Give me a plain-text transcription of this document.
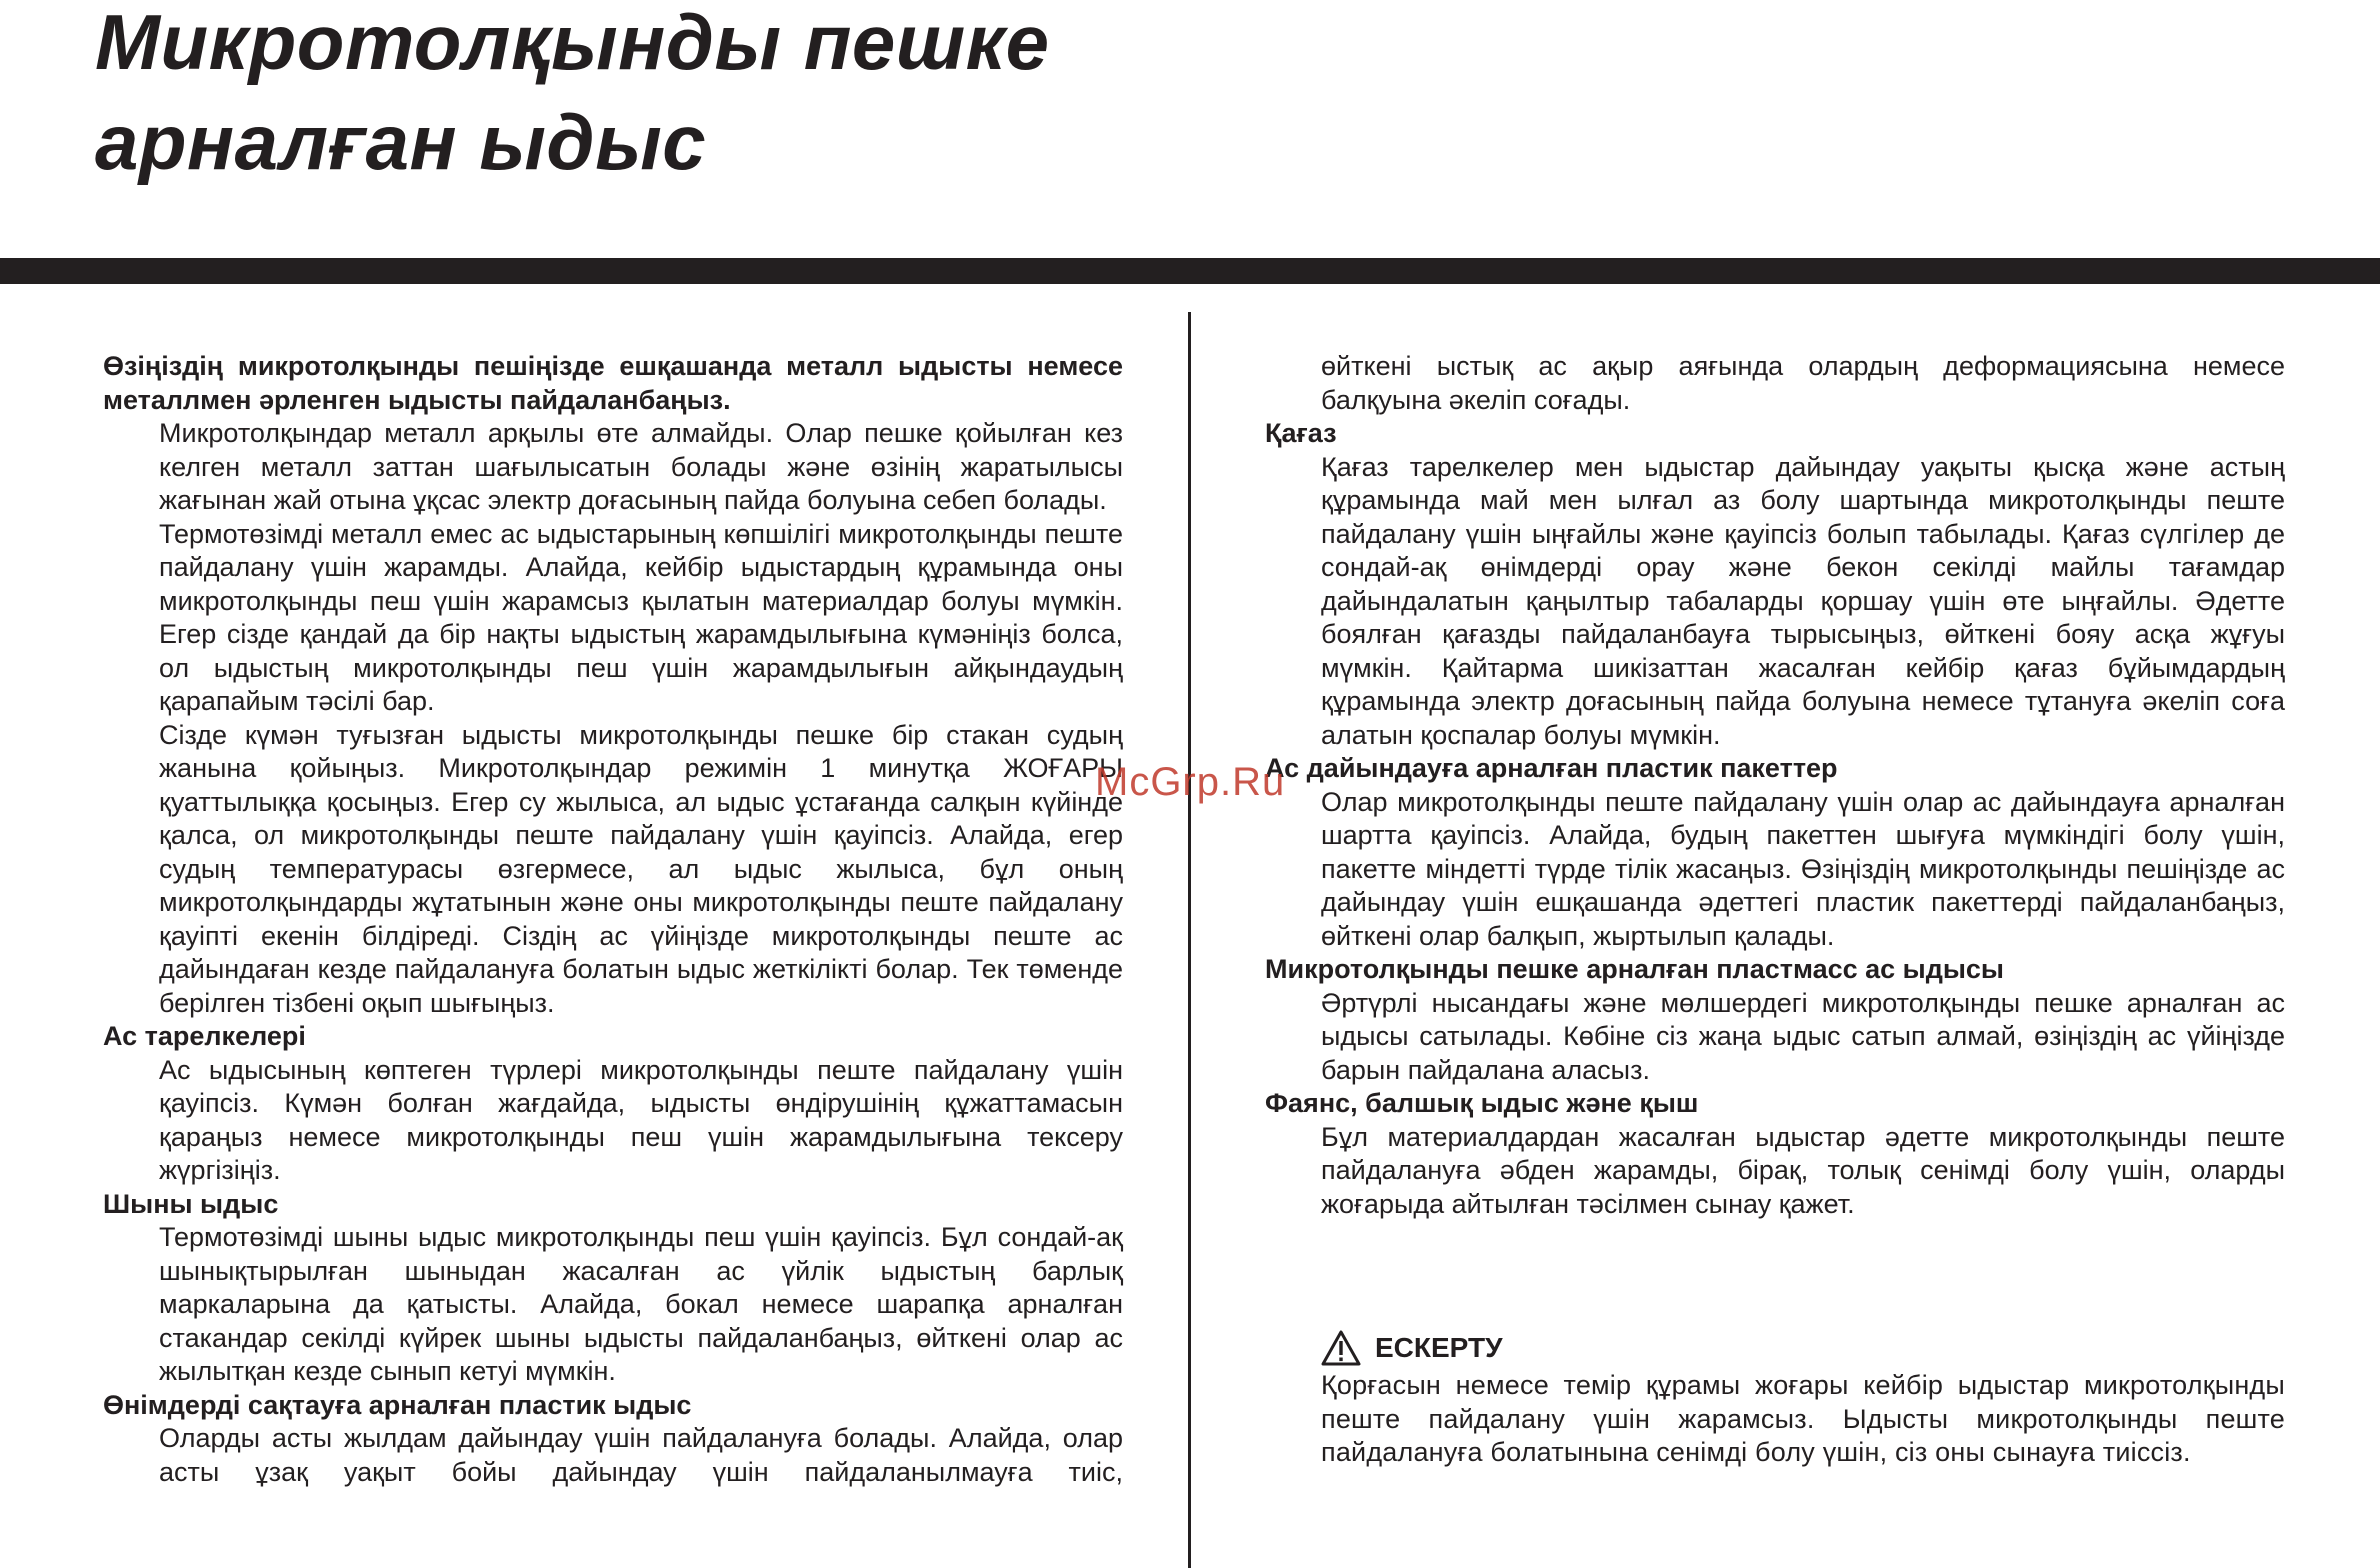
Микротолқынды пешке
арналған ыдыс
Өзіңіздің микротолқынды пешіңізде ешқашанда металл ыдысты немесе металлмен әрленген ыдысты пайдаланбаңыз.

Микротолқындар металл арқылы өте алмайды. Олар пешке қойылған кез келген металл заттан шағылысатын болады және өзінің жаратылысы жағынан жай отына ұқсас электр доғасының пайда болуына себеп болады.

Термотөзімді металл емес ас ыдыстарының көпшілігі микротолқынды пеште пайдалану үшін жарамды. Алайда, кейбір ыдыстардың құрамында оны микротолқынды пеш үшін жарамсыз қылатын материалдар болуы мүмкін. Егер сізде қандай да бір нақты ыдыстың жарамдылығына күмәніңіз болса, ол ыдыстың микротолқынды пеш үшін жарамдылығын айқындаудың қарапайым тәсілі бар.

Сізде күмән туғызған ыдысты микротолқынды пешке бір стакан судың жанына қойыңыз. Микротолқындар режимін 1 минутқа ЖОҒАРЫ қуаттылыққа қосыңыз. Егер су жылыса, ал ыдыс ұстағанда салқын күйінде қалса, ол микротолқынды пеште пайдалану үшін қауіпсіз. Алайда, егер судың температурасы өзгермесе, ал ыдыс жылыса, бұл оның микротолқындарды жұтатынын және оны микротолқынды пеште пайдалану қауіпті екенін білдіреді. Сіздің ас үйіңізде микротолқынды пеште ас дайындаған кезде пайдалануға болатын ыдыс жеткілікті болар. Тек төменде берілген тізбені оқып шығыңыз.

Ас тарелкелері

Ас ыдысының көптеген түрлері микротолқынды пеште пайдалану үшін қауіпсіз. Күмән болған жағдайда, ыдысты өндірушінің құжаттамасын қараңыз немесе микротолқынды пеш үшін жарамдылығына тексеру жүргізіңіз.

Шыны ыдыс

Термотөзімді шыны ыдыс микротолқынды пеш үшін қауіпсіз. Бұл сондай-ақ шынықтырылған шыныдан жасалған ас үйлік ыдыстың барлық маркаларына да қатысты. Алайда, бокал немесе шарапқа арналған стакандар секілді күйрек шыны ыдысты пайдаланбаңыз, өйткені олар ас жылытқан кезде сынып кетуі мүмкін.

Өнімдерді сақтауға арналған пластик ыдыс

Оларды асты жылдам дайындау үшін пайдалануға болады. Алайда, олар асты ұзақ уақыт бойы дайындау үшін пайдаланылмауға тиіс,

өйткені ыстық ас ақыр аяғында олардың деформациясына немесе балқуына әкеліп соғады.

Қағаз

Қағаз тарелкелер мен ыдыстар дайындау уақыты қысқа және астың құрамында май мен ылғал аз болу шартында микротолқынды пеште пайдалану үшін ыңғайлы және қауіпсіз болып табылады. Қағаз сүлгілер де сондай-ақ өнімдерді орау және бекон секілді майлы тағамдар дайындалатын қаңылтыр табаларды қоршау үшін өте ыңғайлы. Әдетте боялған қағазды пайдаланбауға тырысыңыз, өйткені бояу асқа жұғуы мүмкін. Қайтарма шикізаттан жасалған кейбір қағаз бұйымдардың құрамында электр доғасының пайда болуына немесе тұтануға әкеліп соға алатын қоспалар болуы мүмкін.

Ас дайындауға арналған пластик пакеттер

Олар микротолқынды пеште пайдалану үшін олар ас дайындауға арналған шартта қауіпсіз. Алайда, будың пакеттен шығуға мүмкіндігі болу үшін, пакетте міндетті түрде тілік жасаңыз. Өзіңіздің микротолқынды пешіңізде ас дайындау үшін ешқашанда әдеттегі пластик пакеттерді пайдаланбаңыз, өйткені олар балқып, жыртылып қалады.

Микротолқынды пешке арналған пластмасс ас ыдысы

Әртүрлі нысандағы және мөлшердегі микротолқынды пешке арналған ас ыдысы сатылады. Көбіне сіз жаңа ыдыс сатып алмай, өзіңіздің ас үйіңізде барын пайдалана аласыз.

Фаянс, балшық ыдыс және қыш

Бұл материалдардан жасалған ыдыстар әдетте микротолқынды пеште пайдалануға әбден жарамды, бірақ, толық сенімді болу үшін, оларды жоғарыда айтылған тәсілмен сынау қажет.

ЕСКЕРТУ

Қорғасын немесе темір құрамы жоғары кейбір ыдыстар микротолқынды пеште пайдалану үшін жарамсыз. Ыдысты микротолқынды пеште пайдалануға болатынына сенімді болу үшін, сіз оны сынауға тиіссіз.

McGrp.Ru
